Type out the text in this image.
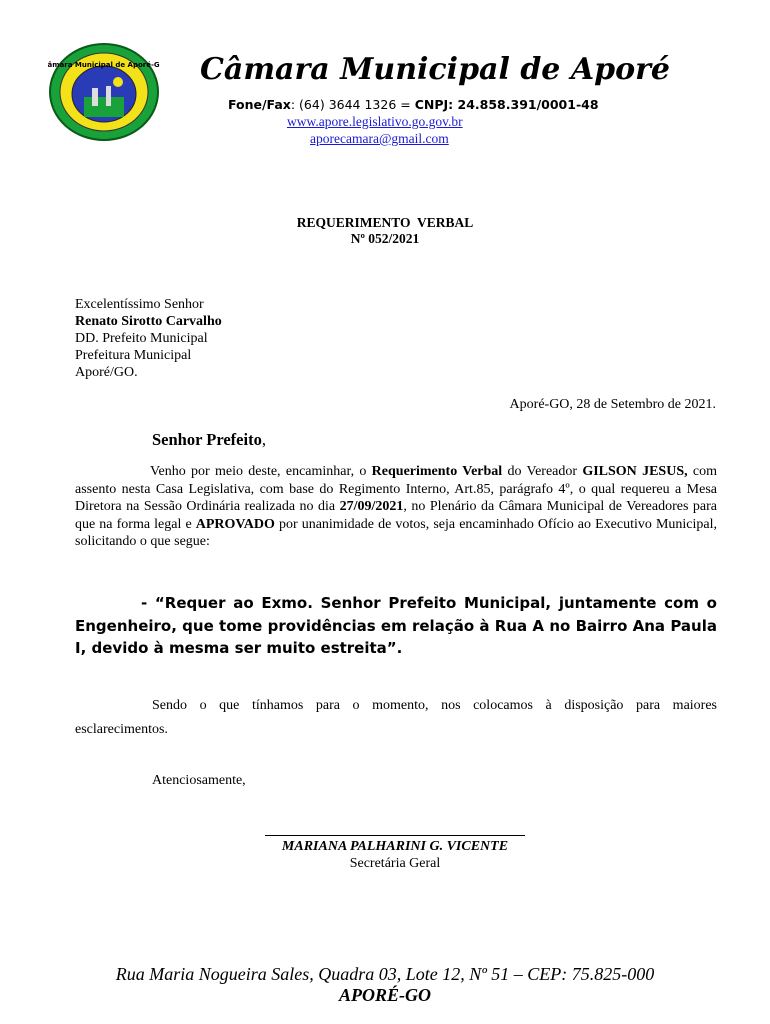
Câmara Municipal de Aporé-GO Câmara Municipal de Aporé
Fone/Fax: (64) 3644 1326 = CNPJ: 24.858.391/0001-48
www.apore.legislativo.go.gov.br
aporecamara@gmail.com
REQUERIMENTO  VERBAL
Nº 052/2021
Excelentíssimo Senhor
Renato Sirotto Carvalho
DD. Prefeito Municipal
Prefeitura Municipal
Aporé/GO.
Aporé-GO, 28 de Setembro de 2021.
Senhor Prefeito,
Venho por meio deste, encaminhar, o Requerimento Verbal do Vereador GILSON JESUS, com assento nesta Casa Legislativa, com base do Regimento Interno, Art.85, parágrafo 4º, o qual requereu a Mesa Diretora na Sessão Ordinária realizada no dia 27/09/2021, no Plenário da Câmara Municipal de Vereadores para que na forma legal e APROVADO por unanimidade de votos, seja encaminhado Ofício ao Executivo Municipal, solicitando o que segue:
- “Requer ao Exmo. Senhor Prefeito Municipal, juntamente com o Engenheiro, que tome providências em relação à Rua A no Bairro Ana Paula I, devido à mesma ser muito estreita”.
Sendo o que tínhamos para o momento, nos colocamos à disposição para maiores
esclarecimentos.
Atenciosamente,
MARIANA PALHARINI G. VICENTE
Secretária Geral
Rua Maria Nogueira Sales, Quadra 03, Lote 12, Nº 51 – CEP: 75.825-000
APORÉ-GO
